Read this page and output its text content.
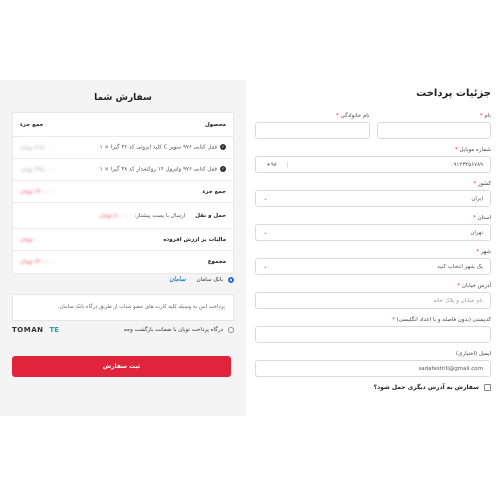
جزئیات پرداخت
نام *
نام خانوادگی *
شماره موبایل *
+۹۸	۰۹۱۲۳۴۵۶۷۸۹
کشور *
ایران
⌄
استان *
تهران
⌄
شهر *
یک شهر انتخاب کنید
⌄
آدرس خیابان *
نام خیابان و پلاک خانه
کدپستی (بدون فاصله و با اعداد انگلیسی) *
ایمیل (اختیاری)
sadafestrill@gmail.com
سفارش به آدرس دیگری حمل شود؟
سفارش شما
محصول
جمع جزء
✓قفل کتابی ۹۷۶ سوپر C کلید ایزوئی کد ۳۶ گیرا × ۱
۳۱۵,۰۰۰ تومان
✓قفل کتابی ۹۷۶ ولترول ۱۴ روکشدار کد ۳۸ گیرا × ۱
۳۲۵,۰۰۰ تومان
جمع جزء
۶۴۰,۰۰۰ تومان
حمل و نقل
ارسال با پست پیشتاز:
۸۰,۰۰۰ تومان
مالیات بر ارزش افزوده
۰ تومان
مجموع
۷۲۰,۰۰۰ تومان
بانک سامان
سامان
پرداخت امن به وسیله کلیه کارت های عضو شتاب از طریق درگاه بانک سامان.
درگاه پرداخت توبان با ضمانت بازگشت وجه
TOMAN TE
ثبت سفارش
